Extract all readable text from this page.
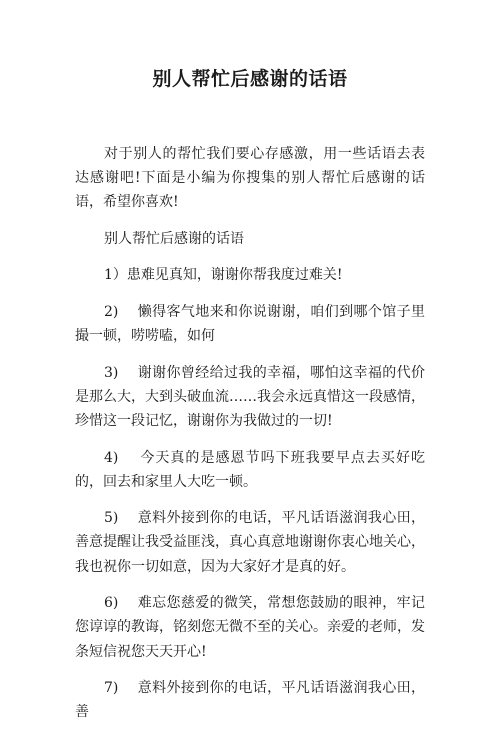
别人帮忙后感谢的话语

对于别人的帮忙我们要心存感激，用一些话语去表达感谢吧!下面是小编为你搜集的别人帮忙后感谢的话语，希望你喜欢!

别人帮忙后感谢的话语

1）患难见真知，谢谢你帮我度过难关!

2)    懒得客气地来和你说谢谢，咱们到哪个馆子里撮一顿，唠唠嗑，如何

3)    谢谢你曾经给过我的幸福，哪怕这幸福的代价是那么大，大到头破血流……我会永远真惜这一段感情，珍惜这一段记忆，谢谢你为我做过的一切!

4)    今天真的是感恩节吗下班我要早点去买好吃的，回去和家里人大吃一顿。

5)    意料外接到你的电话，平凡话语滋润我心田，善意提醒让我受益匪浅，真心真意地谢谢你衷心地关心，我也祝你一切如意，因为大家好才是真的好。

6)    难忘您慈爱的微笑，常想您鼓励的眼神，牢记您谆谆的教诲，铭刻您无微不至的关心。亲爱的老师，发条短信祝您天天开心!

7)    意料外接到你的电话，平凡话语滋润我心田，善
